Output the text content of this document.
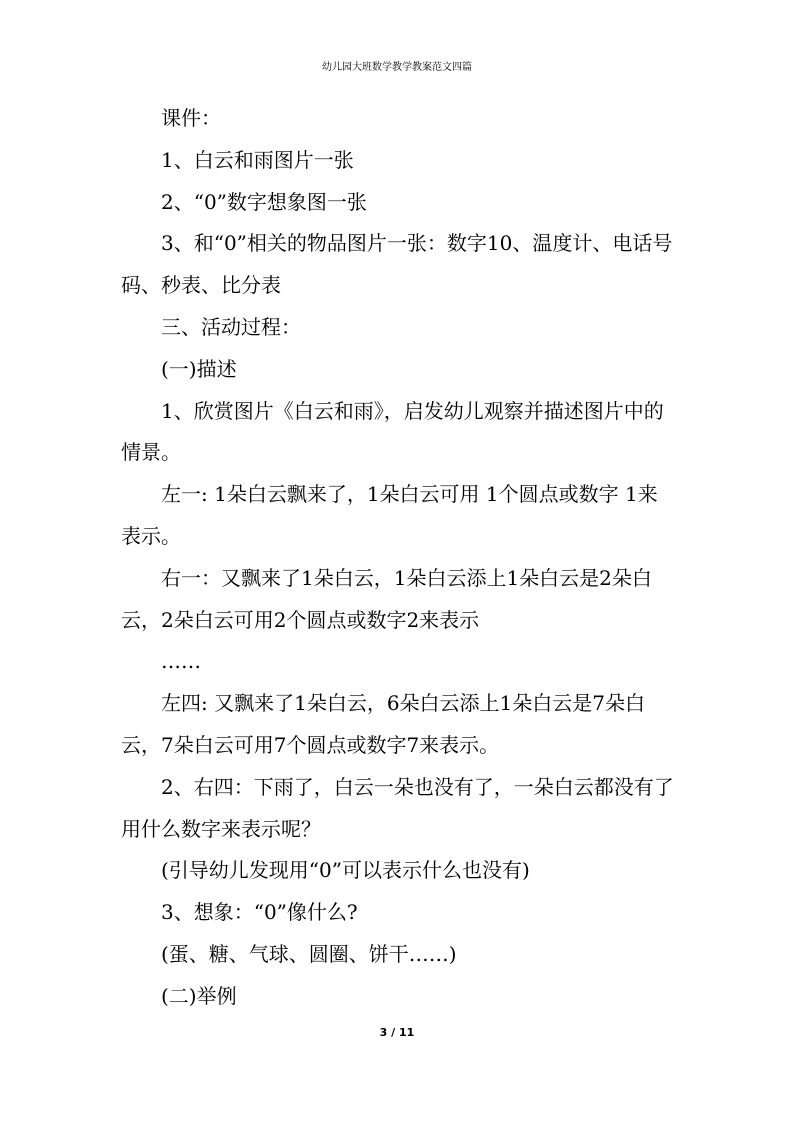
幼儿园大班数学教学教案范文四篇

课件：

1、白云和雨图片一张

2、“0”数字想象图一张

3、和“0”相关的物品图片一张：数字10、温度计、电话号码、秒表、比分表

三、活动过程：

(一)描述

1、欣赏图片《白云和雨》，启发幼儿观察并描述图片中的情景。

左一: 1朵白云飘来了，1朵白云可用 1个圆点或数字 1来表示。

右一：又飘来了1朵白云，1朵白云添上1朵白云是2朵白云，2朵白云可用2个圆点或数字2来表示

……

左四: 又飘来了1朵白云，6朵白云添上1朵白云是7朵白云，7朵白云可用7个圆点或数字7来表示。

2、右四：下雨了，白云一朵也没有了，一朵白云都没有了用什么数字来表示呢？

(引导幼儿发现用“0”可以表示什么也没有)

3、想象：“0”像什么?

(蛋、糖、气球、圆圈、饼干……)

(二)举例

3 / 11
